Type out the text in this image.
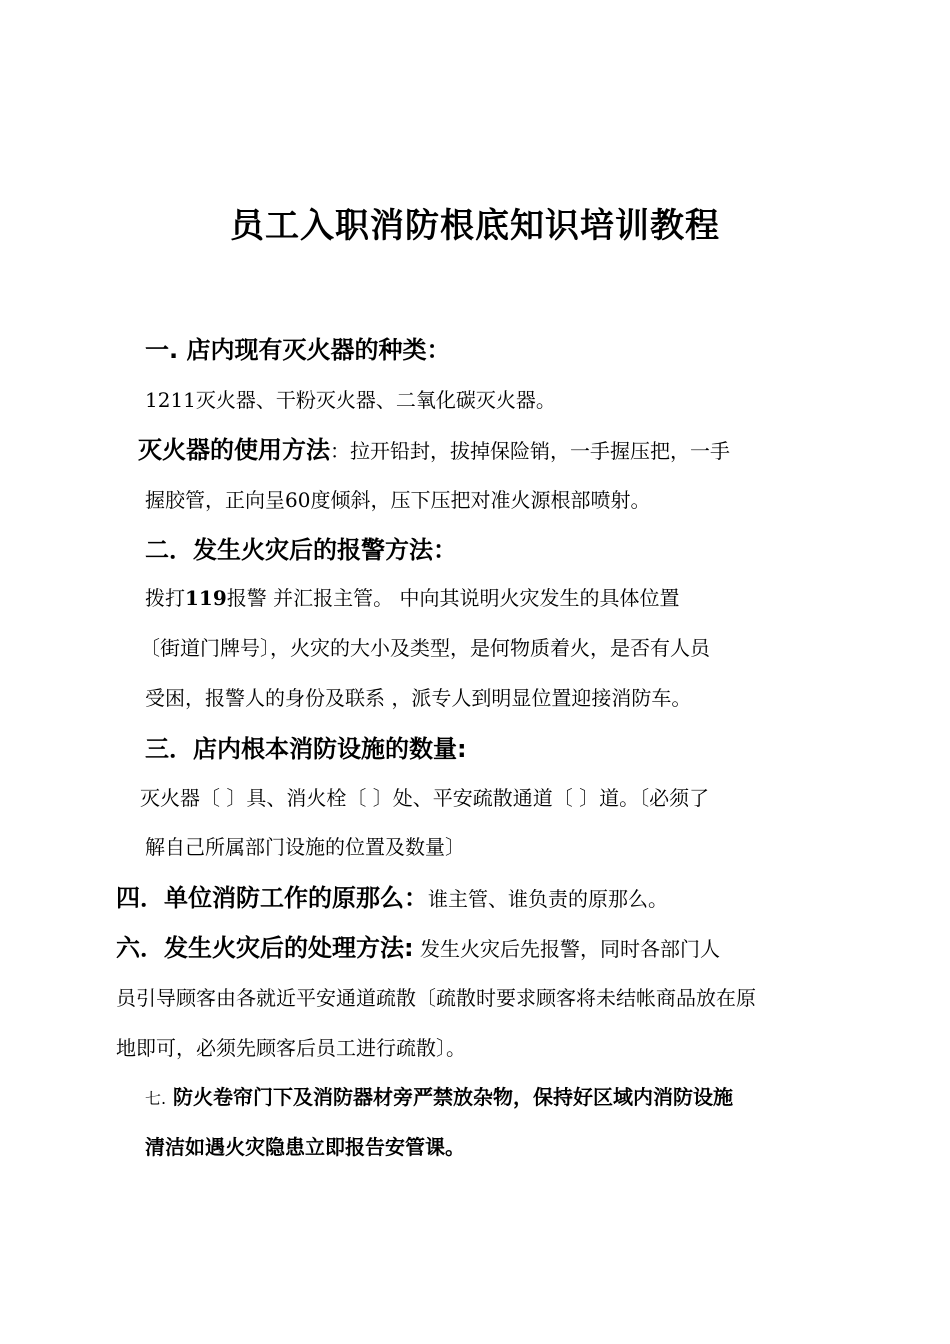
员工入职消防根底知识培训教程
一. 店内现有灭火器的种类：
1211灭火器、干粉灭火器、二氧化碳灭火器。
灭火器的使用方法：拉开铅封，拔掉保险销，一手握压把，一手
握胶管，正向呈60度倾斜，压下压把对准火源根部喷射。
二．发生火灾后的报警方法：
拨打119报警 并汇报主管。 中向其说明火灾发生的具体位置
〔街道门牌号〕，火灾的大小及类型，是何物质着火，是否有人员
受困，报警人的身份及联系 ，派专人到明显位置迎接消防车。
三．店内根本消防设施的数量:
灭火器〔 〕具、消火栓〔 〕处、平安疏散通道〔 〕道。〔必须了
解自己所属部门设施的位置及数量〕
四．单位消防工作的原那么：谁主管、谁负责的原那么。
六．发生火灾后的处理方法: 发生火灾后先报警，同时各部门人
员引导顾客由各就近平安通道疏散〔疏散时要求顾客将未结帐商品放在原
地即可，必须先顾客后员工进行疏散〕。
七. 防火卷帘门下及消防器材旁严禁放杂物，保持好区域内消防设施
清洁如遇火灾隐患立即报告安管课。
